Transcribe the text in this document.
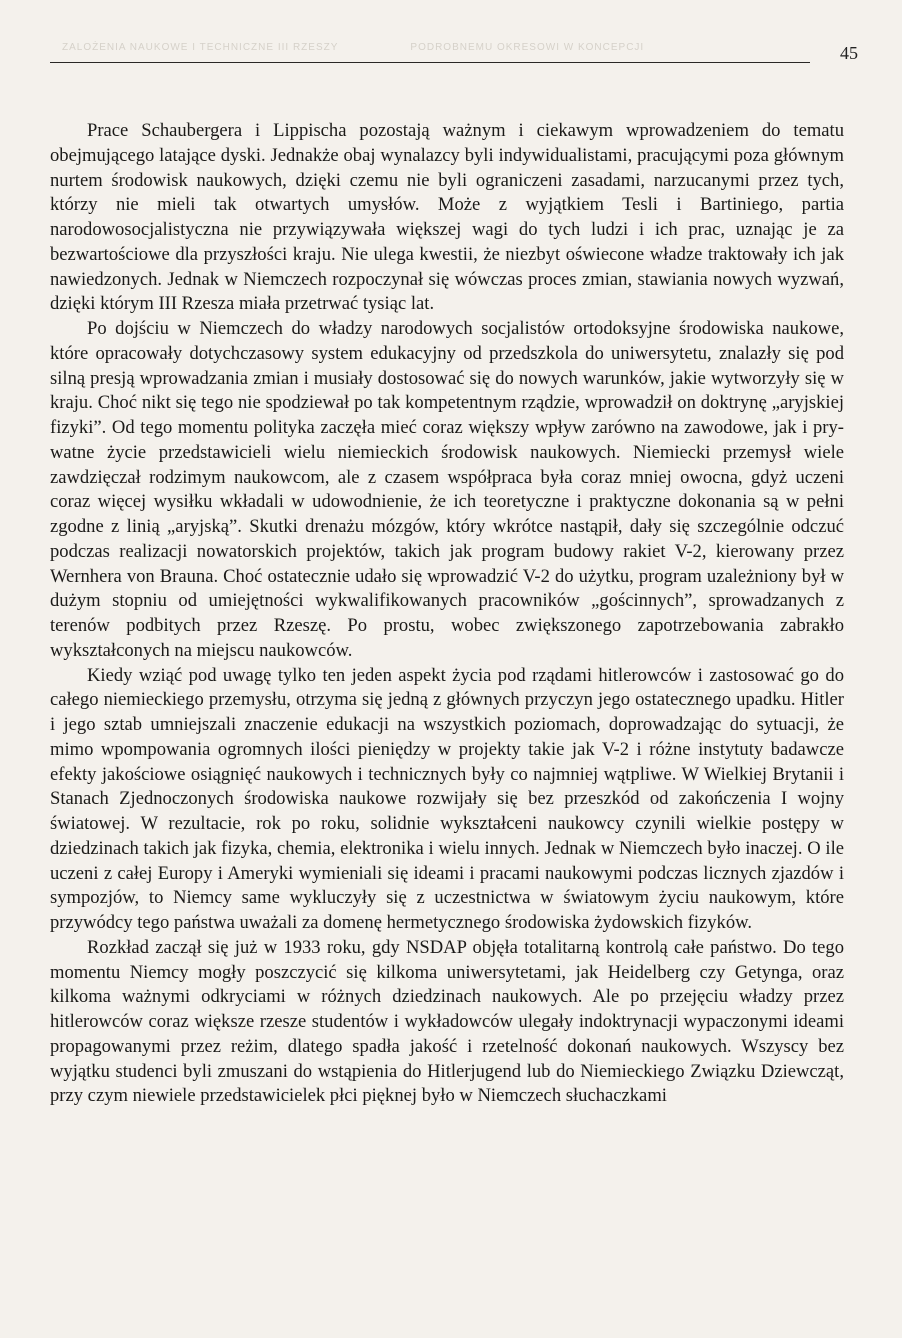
ZALOŻENIA NAUKOWE I TECHNICZNE III RZESZY	PODROBNEMU OKRESOWI W KONCEPCJI	45

Prace Schaubergera i Lippischa pozostają ważnym i ciekawym wprowadzeniem do tematu obejmującego latające dyski. Jednakże obaj wynalazcy byli indywidualistami, pracującymi poza głównym nurtem środowisk naukowych, dzięki czemu nie byli ograniczeni zasadami, narzucanymi przez tych, którzy nie mieli tak otwartych umysłów. Może z wyjątkiem Tesli i Bartiniego, partia narodowosocjalistyczna nie przywiązywała większej wagi do tych ludzi i ich prac, uznając je za bezwartościowe dla przyszłości kraju. Nie ulega kwestii, że niezbyt oświecone władze traktowały ich jak nawiedzonych. Jednak w Niemczech rozpoczynał się wówczas proces zmian, stawiania nowych wyzwań, dzięki którym III Rzesza miała przetrwać tysiąc lat.

Po dojściu w Niemczech do władzy narodowych socjalistów ortodoksyjne środowiska naukowe, które opracowały dotychczasowy system edukacyjny od przedszkola do uniwersytetu, znalazły się pod silną presją wprowadzania zmian i musiały dostosować się do nowych warunków, jakie wytworzyły się w kraju. Choć nikt się tego nie spodziewał po tak kompetentnym rządzie, wprowadził on doktrynę „aryjskiej fizyki”. Od tego momentu polityka zaczęła mieć coraz większy wpływ zarówno na zawodowe, jak i prywatne życie przedstawicieli wielu niemieckich środowisk naukowych. Niemiecki przemysł wiele zawdzięczał rodzimym naukowcom, ale z czasem współpraca była coraz mniej owocna, gdyż uczeni coraz więcej wysiłku wkładali w udowodnienie, że ich teoretyczne i praktyczne dokonania są w pełni zgodne z linią „aryjską”. Skutki drenażu mózgów, który wkrótce nastąpił, dały się szczególnie odczuć podczas realizacji nowatorskich projektów, takich jak program budowy rakiet V-2, kierowany przez Wernhera von Brauna. Choć ostatecznie udało się wprowadzić V-2 do użytku, program uzależniony był w dużym stopniu od umiejętności wykwalifikowanych pracowników „gościnnych”, sprowadzanych z terenów podbitych przez Rzeszę. Po prostu, wobec zwiększonego zapotrzebowania zabrakło wykształconych na miejscu naukowców.

Kiedy wziąć pod uwagę tylko ten jeden aspekt życia pod rządami hitlerowców i zastosować go do całego niemieckiego przemysłu, otrzyma się jedną z głównych przyczyn jego ostatecznego upadku. Hitler i jego sztab umniejszali znaczenie edukacji na wszystkich poziomach, doprowadzając do sytuacji, że mimo wpompowania ogromnych ilości pieniędzy w projekty takie jak V-2 i różne instytuty badawcze efekty jakościowe osiągnięć naukowych i technicznych były co najmniej wątpliwe. W Wielkiej Brytanii i Stanach Zjednoczonych środowiska naukowe rozwijały się bez przeszkód od zakończenia I wojny światowej. W rezultacie, rok po roku, solidnie wykształceni naukowcy czynili wielkie postępy w dziedzinach takich jak fizyka, chemia, elektronika i wielu innych. Jednak w Niemczech było inaczej. O ile uczeni z całej Europy i Ameryki wymieniali się ideami i pracami naukowymi podczas licznych zjazdów i sympozjów, to Niemcy same wykluczyły się z uczestnictwa w światowym życiu naukowym, które przywódcy tego państwa uważali za domenę hermetycznego środowiska żydowskich fizyków.

Rozkład zaczął się już w 1933 roku, gdy NSDAP objęła totalitarną kontrolą całe państwo. Do tego momentu Niemcy mogły poszczycić się kilkoma uniwersytetami, jak Heidelberg czy Getynga, oraz kilkoma ważnymi odkryciami w różnych dziedzinach naukowych. Ale po przejęciu władzy przez hitlerowców coraz większe rzesze studentów i wykładowców ulegały indoktrynacji wypaczonymi ideami propagowanymi przez reżim, dlatego spadła jakość i rzetelność dokonań naukowych. Wszyscy bez wyjątku studenci byli zmuszani do wstąpienia do Hitlerjugend lub do Niemieckiego Związku Dziewcząt, przy czym niewiele przedstawicielek płci pięknej było w Niemczech słuchaczkami
